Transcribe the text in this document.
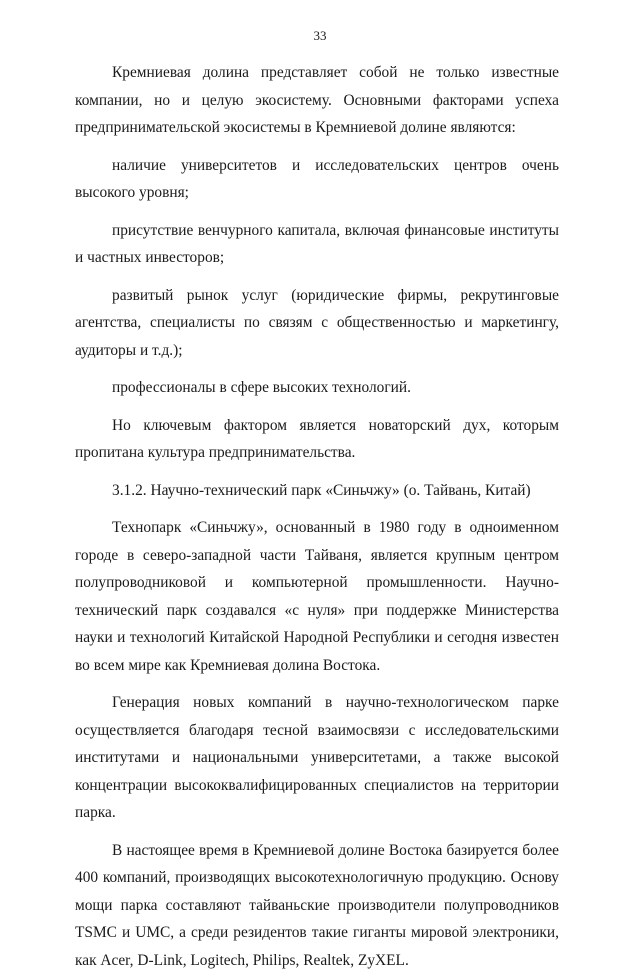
33

Кремниевая долина представляет собой не только известные компании, но и целую экосистему. Основными факторами успеха предпринимательской экосистемы в Кремниевой долине являются:

наличие университетов и исследовательских центров очень высокого уровня;

присутствие венчурного капитала, включая финансовые институты и частных инвесторов;

развитый рынок услуг (юридические фирмы, рекрутинговые агентства, специалисты по связям с общественностью и маркетингу, аудиторы и т.д.);

профессионалы в сфере высоких технологий.

Но ключевым фактором является новаторский дух, которым пропитана культура предпринимательства.

3.1.2. Научно-технический парк «Синьчжу» (о. Тайвань, Китай)

Технопарк «Синьчжу», основанный в 1980 году в одноименном городе в северо-западной части Тайваня, является крупным центром полупроводниковой и компьютерной промышленности. Научно-технический парк создавался «с нуля» при поддержке Министерства науки и технологий Китайской Народной Республики и сегодня известен во всем мире как Кремниевая долина Востока.

Генерация новых компаний в научно-технологическом парке осуществляется благодаря тесной взаимосвязи с исследовательскими институтами и национальными университетами, а также высокой концентрации высококвалифицированных специалистов на территории парка.

В настоящее время в Кремниевой долине Востока базируется более 400 компаний, производящих высокотехнологичную продукцию. Основу мощи парка составляют тайваньские производители полупроводников TSMC и UMC, а среди резидентов такие гиганты мировой электроники, как Acer, D-Link, Logitech, Philips, Realtek, ZyXEL.
